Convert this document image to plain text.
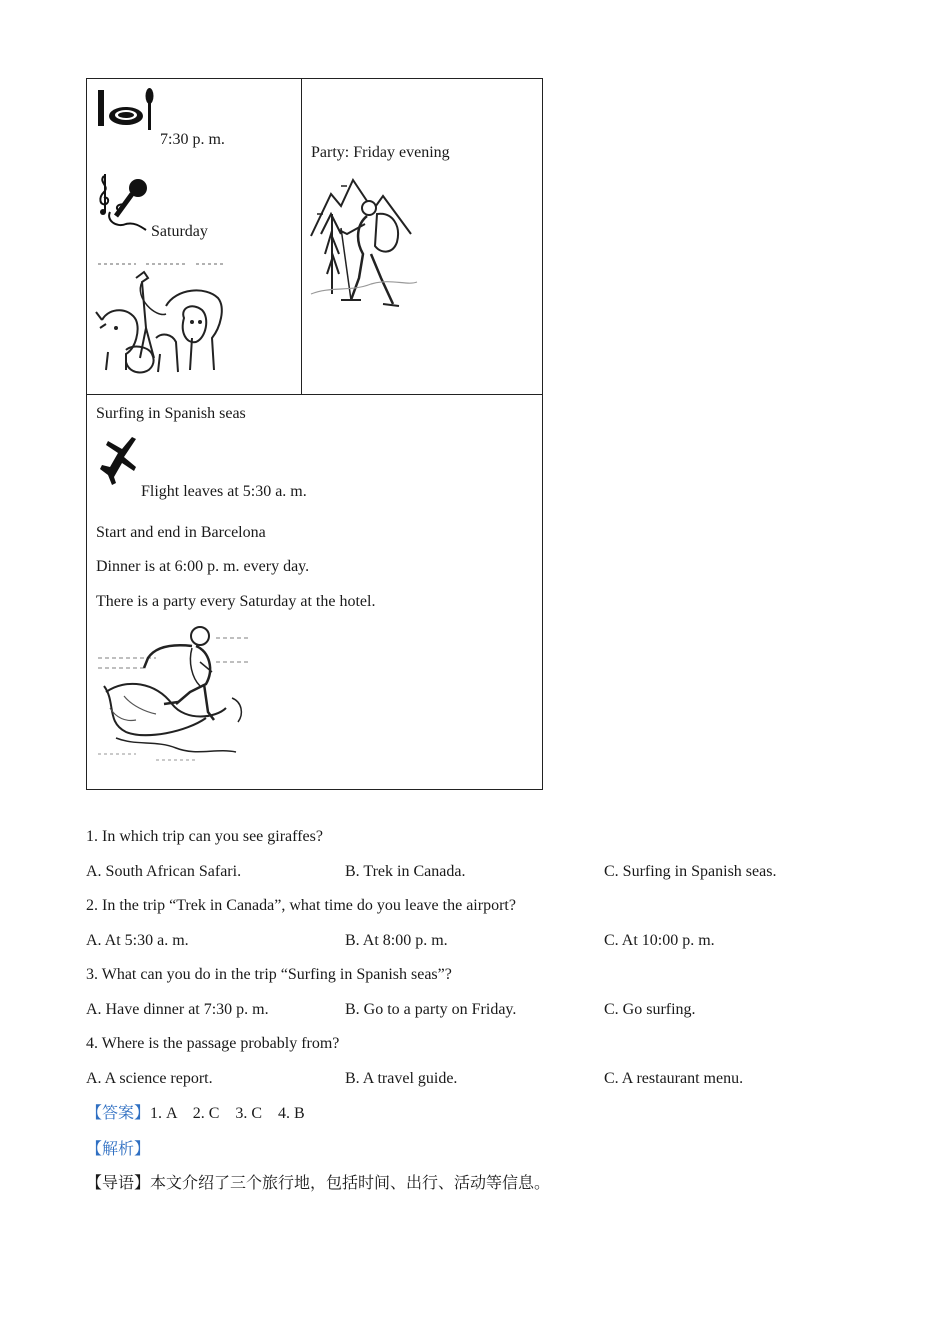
7:30 p. m.
Saturday
Party: Friday evening
Surfing in Spanish seas
Flight leaves at 5:30 a. m.
Start and end in Barcelona
Dinner is at 6:00 p. m. every day.
There is a party every Saturday at the hotel.
1. In which trip can you see giraffes?
A. South African Safari.	B. Trek in Canada.	C. Surfing in Spanish seas.
2. In the trip “Trek in Canada”, what time do you leave the airport?
A. At 5:30 a. m.	B. At 8:00 p. m.	C. At 10:00 p. m.
3. What can you do in the trip “Surfing in Spanish seas”?
A. Have dinner at 7:30 p. m.	B. Go to a party on Friday.	C. Go surfing.
4. Where is the passage probably from?
A. A science report.	B. A travel guide.	C. A restaurant menu.
【答案】1. A    2. C    3. C    4. B
【解析】
【导语】本文介绍了三个旅行地，包括时间、出行、活动等信息。
